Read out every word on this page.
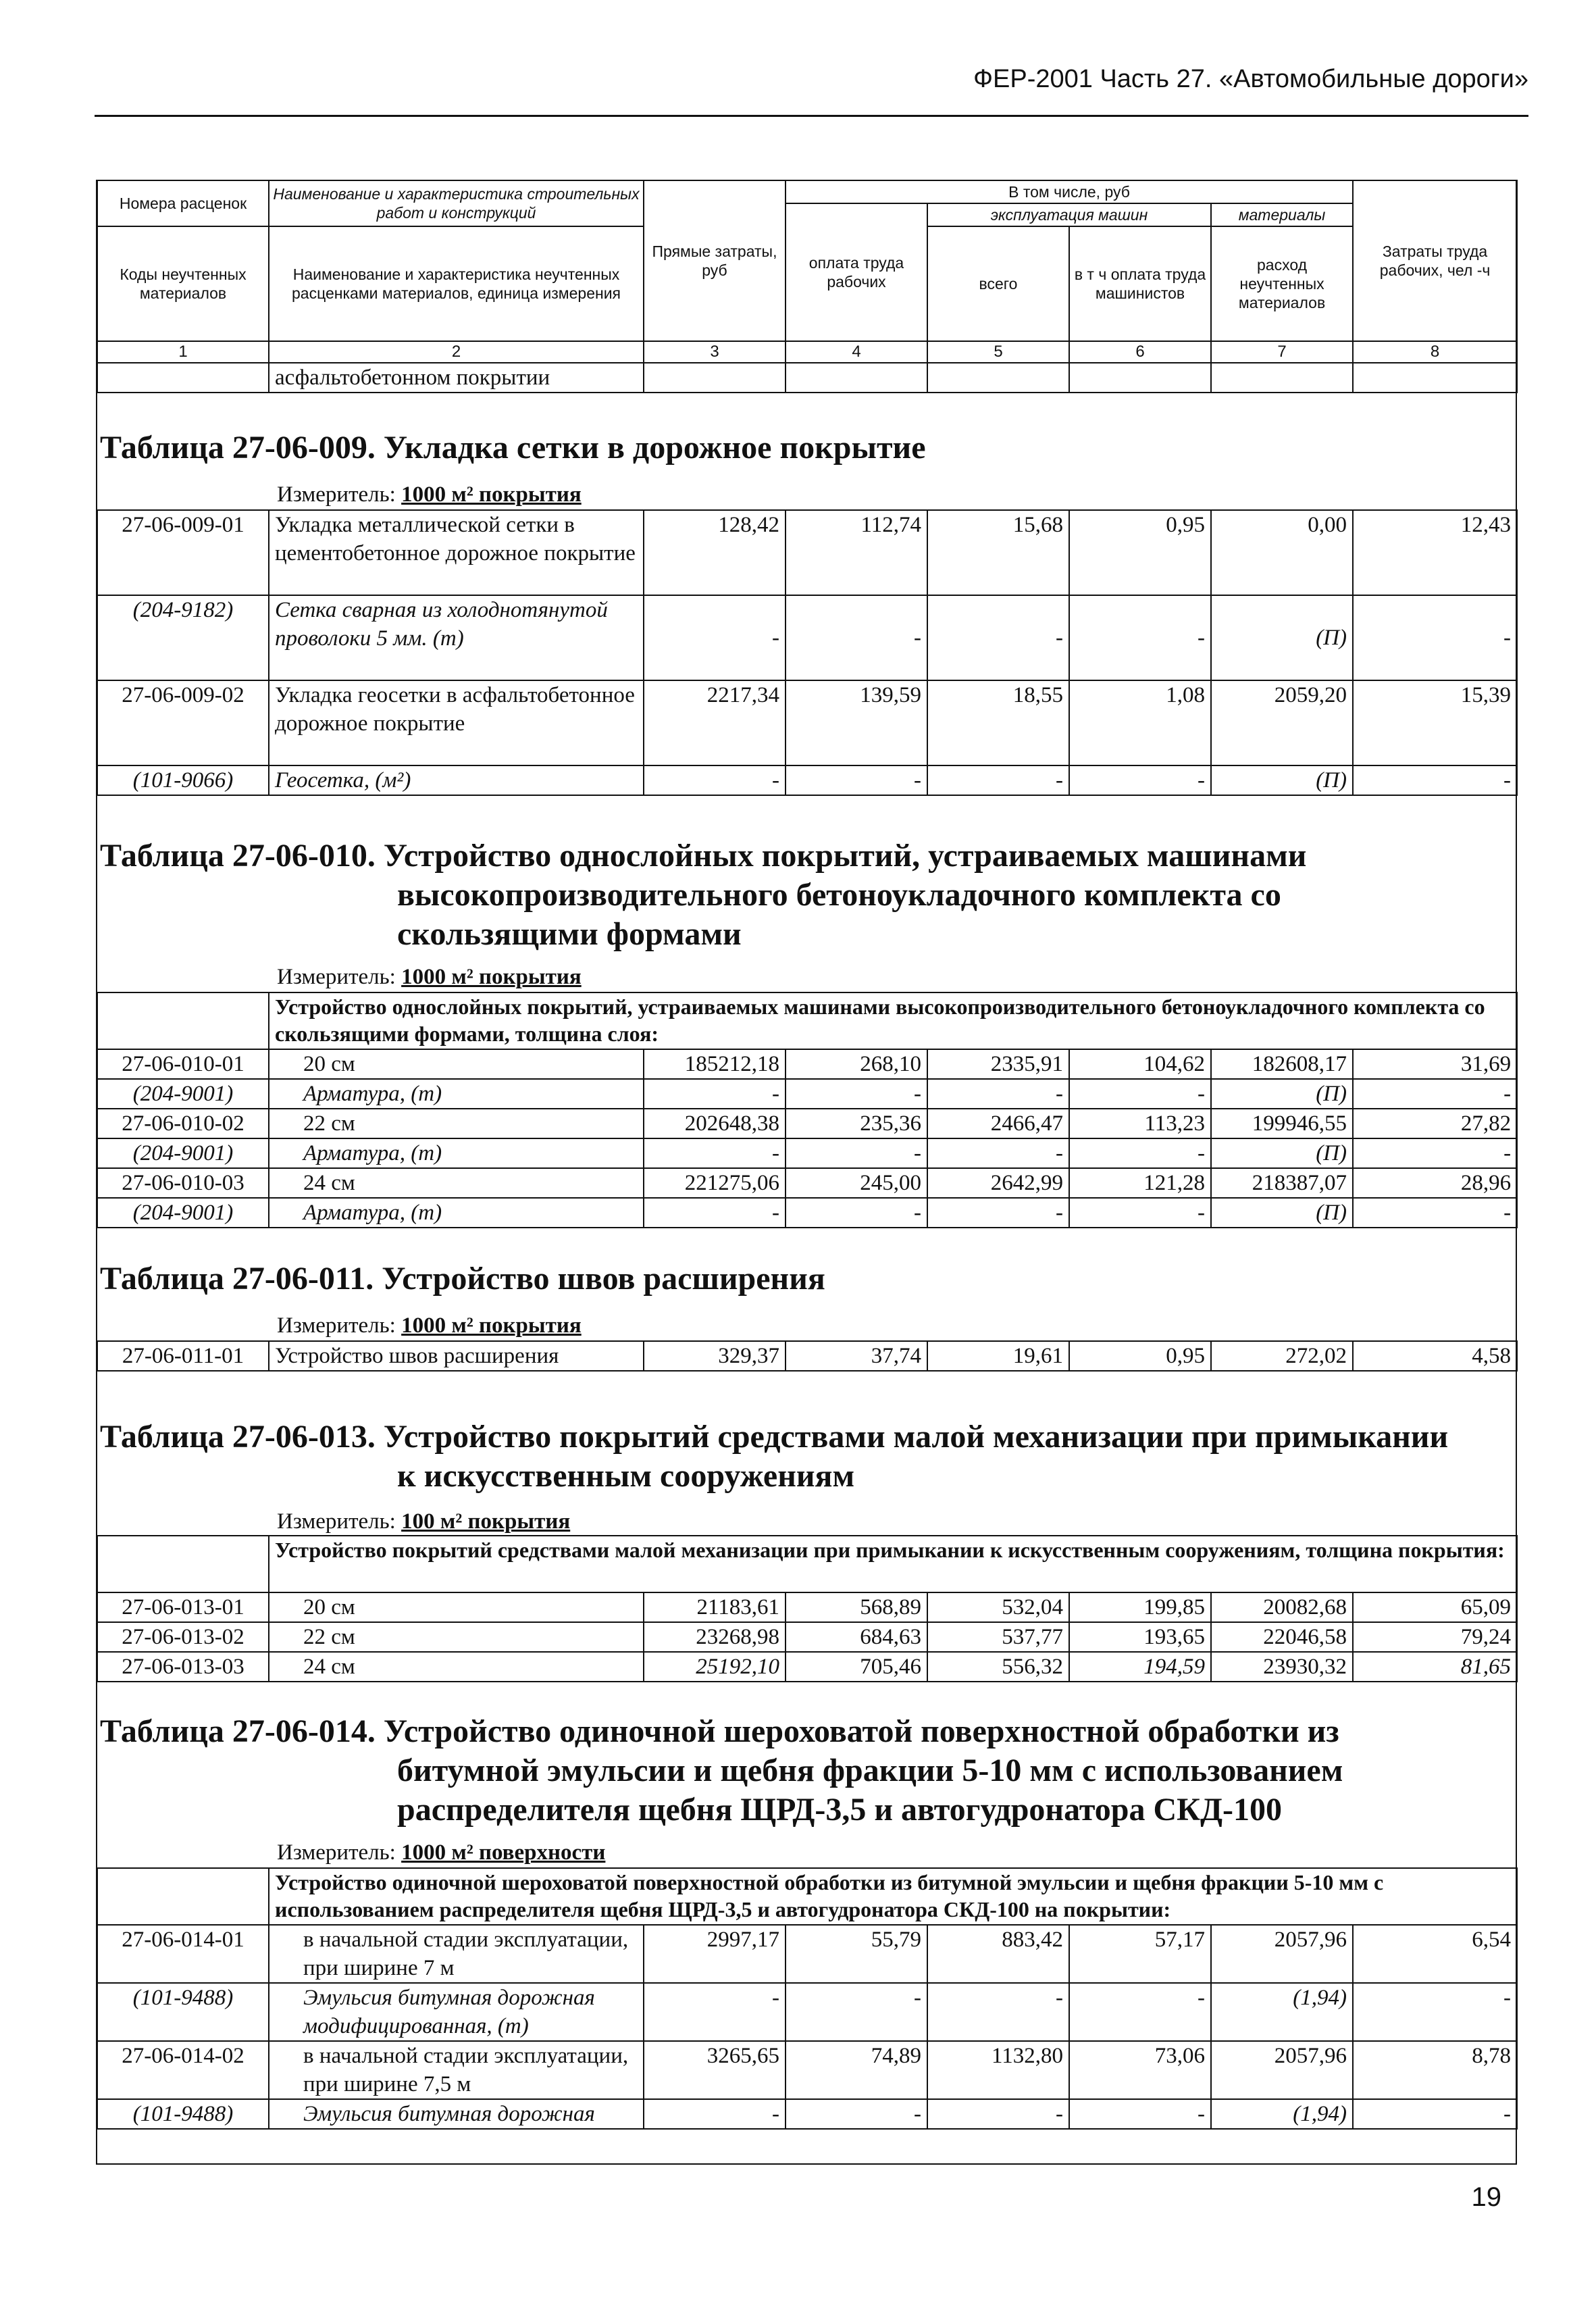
ФЕР-2001 Часть 27. «Автомобильные дороги»
Номера расценок	Наименование и характеристика строительных работ и конструкций	Прямые затраты, руб	В том числе, руб				Затраты труда рабочих, чел -ч
			оплата труда рабочих	эксплуатация машин		материалы	
Коды неучтенных материалов	Наименование и характеристика неучтенных расценками материалов, единица измерения			всего	в т ч оплата труда машинистов	расход неучтенных материалов	

1	2	3	4	5	6	7	8
	асфальтобетонном покрытии						
Таблица 27-06-009. Укладка сетки в дорожное покрытие
Измеритель: 1000 м² покрытия
27-06-009-01	Укладка металлической сетки в цементобетонное дорожное покрытие	128,42	112,74	15,68	0,95	0,00	12,43
(204-9182)	Сетка сварная из холоднотянутой проволоки 5 мм. (т)	-	-	-	-	(П)	-
27-06-009-02	Укладка геосетки в асфальтобетонное дорожное покрытие	2217,34	139,59	18,55	1,08	2059,20	15,39
(101-9066)	Геосетка, (м²)	-	-	-	-	(П)	-
Таблица 27-06-010. Устройство однослойных покрытий, устраиваемых машинами
высокопроизводительного бетоноукладочного комплекта со
скользящими формами
Измеритель: 1000 м² покрытия
	Устройство однослойных покрытий, устраиваемых машинами высокопроизводительного бетоноукладочного комплекта со скользящими формами, толщина слоя:						
27-06-010-01	20 см	185212,18	268,10	2335,91	104,62	182608,17	31,69
(204-9001)	Арматура, (т)	-	-	-	-	(П)	-
27-06-010-02	22 см	202648,38	235,36	2466,47	113,23	199946,55	27,82
(204-9001)	Арматура, (т)	-	-	-	-	(П)	-
27-06-010-03	24 см	221275,06	245,00	2642,99	121,28	218387,07	28,96
(204-9001)	Арматура, (т)	-	-	-	-	(П)	-
Таблица 27-06-011. Устройство швов расширения
Измеритель: 1000 м² покрытия
27-06-011-01	Устройство швов расширения	329,37	37,74	19,61	0,95	272,02	4,58
Таблица 27-06-013. Устройство покрытий средствами малой механизации при примыкании
к искусственным сооружениям
Измеритель: 100 м² покрытия
	Устройство покрытий средствами малой механизации при примыкании к искусственным сооружениям, толщина покрытия:						
27-06-013-01	20 см	21183,61	568,89	532,04	199,85	20082,68	65,09
27-06-013-02	22 см	23268,98	684,63	537,77	193,65	22046,58	79,24
27-06-013-03	24 см	25192,10	705,46	556,32	194,59	23930,32	81,65
Таблица 27-06-014. Устройство одиночной шероховатой поверхностной обработки из
битумной эмульсии и щебня фракции 5-10 мм с использованием
распределителя щебня ЩРД-3,5 и автогудронатора СКД-100
Измеритель: 1000 м² поверхности
	Устройство одиночной шероховатой поверхностной обработки из битумной эмульсии и щебня фракции 5-10 мм с использованием распределителя щебня ЩРД-3,5 и автогудронатора СКД-100 на покрытии:						
27-06-014-01	в начальной стадии эксплуатации, при ширине 7 м	2997,17	55,79	883,42	57,17	2057,96	6,54
(101-9488)	Эмульсия битумная дорожная модифицированная, (т)	-	-	-	-	(1,94)	-
27-06-014-02	в начальной стадии эксплуатации, при ширине 7,5 м	3265,65	74,89	1132,80	73,06	2057,96	8,78
(101-9488)	Эмульсия битумная дорожная	-	-	-	-	(1,94)	-
19
